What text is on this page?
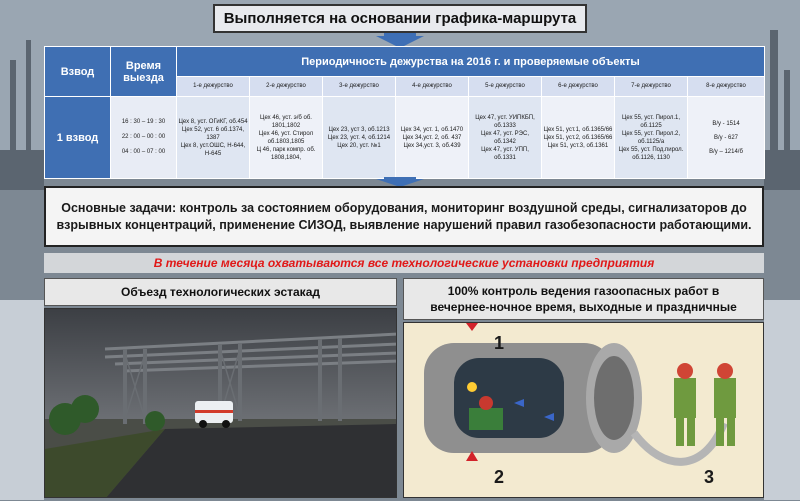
Выполняется на основании графика-маршрута
Взвод	Время выезда	Периодичность дежурства на 2016 г. и проверяемые объекты							
		1-е дежурство	2-е дежурство	3-е дежурство	4-е дежурство	5-е дежурство	6-е дежурство	7-е дежурство	8-е дежурство
1 взвод	16 : 30 – 19 : 30
22 : 00 – 00 : 00
04 : 00 – 07 : 00	Цех 8, уст. ОГиКГ, об.454
Цех 52, уст. 6 об.1374, 1387
Цех 8, уст.ОШС, Н-644, Н-645	Цех 46, уст. э/б об. 1801,1802
Цех 46, уст. Стирол об.1803,1805
Ц 46, парк компр. об. 1808,1804,	Цех 23, уст 3, об.1213
Цех 23, уст. 4, об.1214
Цех 20, уст. №1	Цех 34, уст. 1, об.1470
Цех 34,уст. 2, об. 437
Цех 34,уст. 3, об.439	Цех 47, уст. УИПКБП, об.1333
Цех 47, уст. РЭС, об.1342
Цех 47, уст. УПП, об.1331	Цех 51, уст.1, об.1365/66
Цех 51, уст.2, об.1365/66
Цех 51, уст.3, об.1361	Цех 55, уст. Пирол.1, об.1125
Цех 55, уст. Пирол.2, об.1125/а
Цех 55, уст. Под.пирол. об.1126, 1130	В/у - 1514
В/у - 627
В/у – 1214/б
Основные задачи: контроль за состоянием оборудования, мониторинг воздушной среды, сигнализаторов до взрывных концентраций, применение СИЗОД, выявление нарушений правил газобезопасности работающими.
В течение месяца охватываются все технологические установки предприятия
Объезд технологических эстакад	100% контроль ведения газоопасных работ в
вечернее-ночное время, выходные и праздничные
1
2	3
